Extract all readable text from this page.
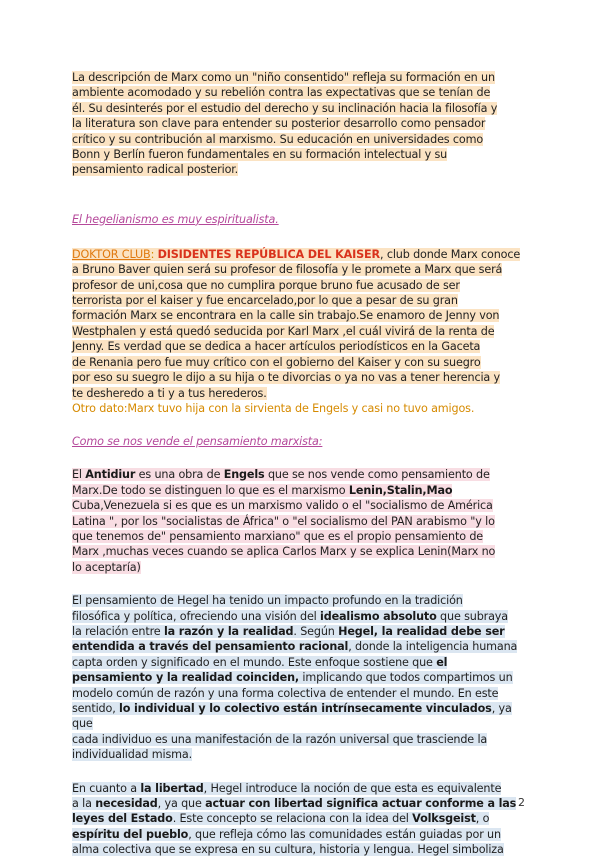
La descripción de Marx como un "niño consentido" refleja su formación en un
ambiente acomodado y su rebelión contra las expectativas que se tenían de
él. Su desinterés por el estudio del derecho y su inclinación hacia la filosofía y
la literatura son clave para entender su posterior desarrollo como pensador
crítico y su contribución al marxismo. Su educación en universidades como
Bonn y Berlín fueron fundamentales en su formación intelectual y su
pensamiento radical posterior.

El hegelianismo es muy espiritualista.

DOKTOR CLUB: DISIDENTES REPÚBLICA DEL KAISER, club donde Marx conoce
a Bruno Baver quien será su profesor de filosofía y le promete a Marx que será
profesor de uni,cosa que no cumplira porque bruno fue acusado de ser
terrorista por el kaiser y fue encarcelado,por lo que a pesar de su gran
formación Marx se encontrara en la calle sin trabajo.Se enamoro de Jenny von
Westphalen y está quedó seducida por Karl Marx ,el cuál vivirá de la renta de
Jenny. Es verdad que se dedica a hacer artículos periodísticos en la Gaceta
de Renania pero fue muy crítico con el gobierno del Kaiser y con su suegro
por eso su suegro le dijo a su hija o te divorcias o ya no vas a tener herencia y
te desheredo a ti y a tus herederos.
Otro dato:Marx tuvo hija con la sirvienta de Engels y casi no tuvo amigos.

Como se nos vende el pensamiento marxista:

El Antidiur es una obra de Engels que se nos vende como pensamiento de
Marx.De todo se distinguen lo que es el marxismo Lenin,Stalin,Mao
Cuba,Venezuela si es que es un marxismo valido o el "socialismo de América
Latina ", por los "socialistas de África" o "el socialismo del PAN arabismo "y lo
que tenemos de" pensamiento marxiano" que es el propio pensamiento de
Marx ,muchas veces cuando se aplica Carlos Marx y se explica Lenin(Marx no
lo aceptaría)

El pensamiento de Hegel ha tenido un impacto profundo en la tradición
filosófica y política, ofreciendo una visión del idealismo absoluto que subraya
la relación entre la razón y la realidad. Según Hegel, la realidad debe ser
entendida a través del pensamiento racional, donde la inteligencia humana
capta orden y significado en el mundo. Este enfoque sostiene que el
pensamiento y la realidad coinciden, implicando que todos compartimos un
modelo común de razón y una forma colectiva de entender el mundo. En este
sentido, lo individual y lo colectivo están intrínsecamente vinculados, ya que
cada individuo es una manifestación de la razón universal que trasciende la
individualidad misma.

En cuanto a la libertad, Hegel introduce la noción de que esta es equivalente
a la necesidad, ya que actuar con libertad significa actuar conforme a las
leyes del Estado. Este concepto se relaciona con la idea del Volksgeist, o
espíritu del pueblo, que refleja cómo las comunidades están guiadas por un
alma colectiva que se expresa en su cultura, historia y lengua. Hegel simboliza

2
